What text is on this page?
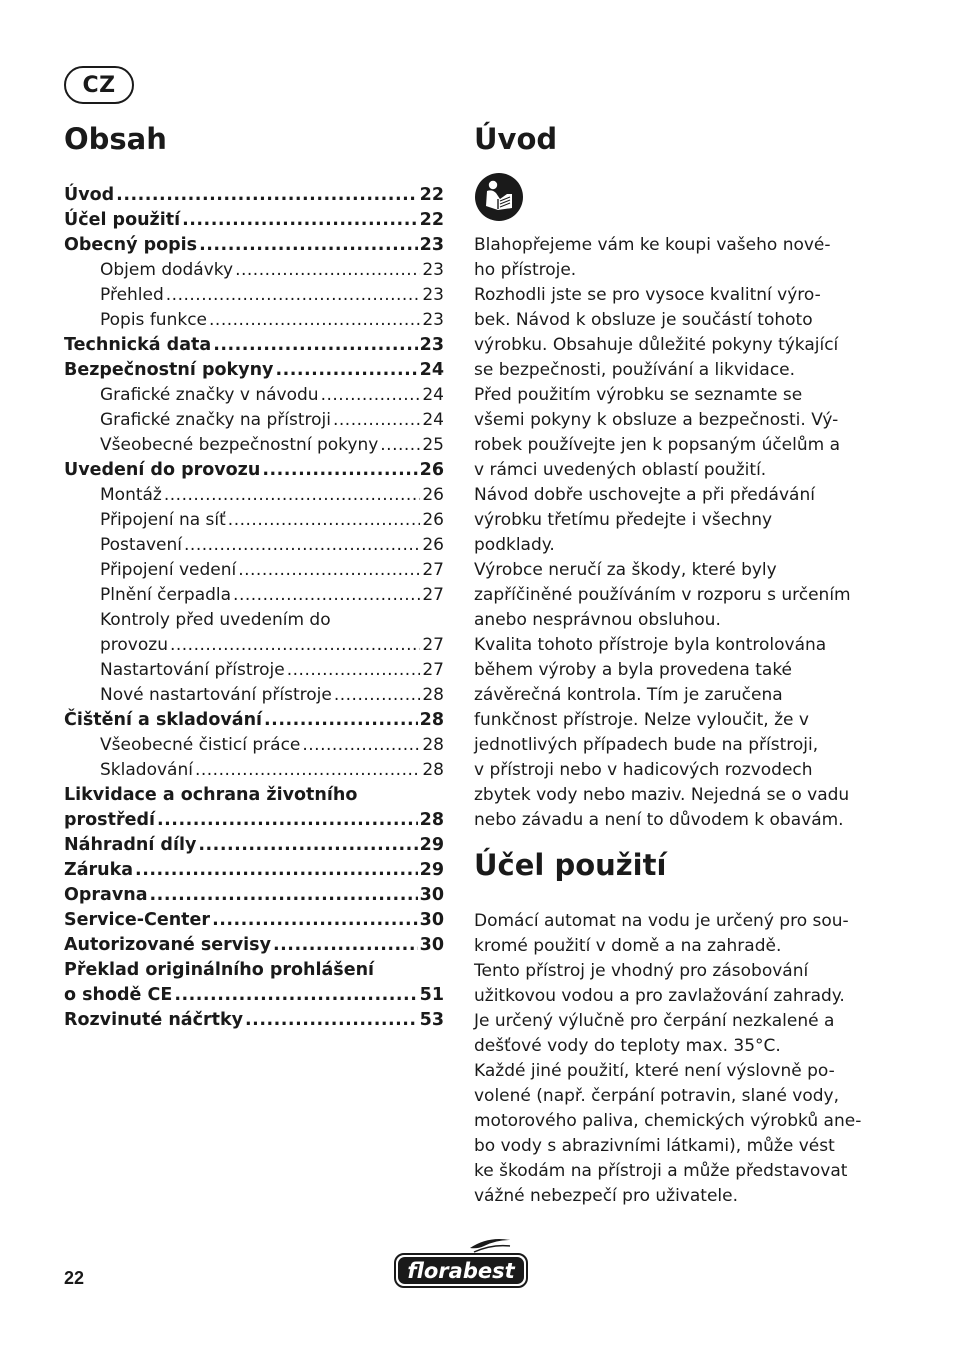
CZ
Obsah
Úvod .....	22
Účel použití .....	22
Obecný popis .....	23
Objem dodávky .....	23
Přehled .....	23
Popis funkce .....	23
Technická data .....	23
Bezpečnostní pokyny .....	24
Grafické značky v návodu .....	24
Grafické značky na přístroji .....	24
Všeobecné bezpečnostní pokyny .....	25
Uvedení do provozu .....	26
Montáž .....	26
Připojení na síť .....	26
Postavení .....	26
Připojení vedení .....	27
Plnění čerpadla .....	27
Kontroly před uvedením do
provozu .....	27
Nastartování přístroje .....	27
Nové nastartování přístroje .....	28
Čištění a skladování .....	28
Všeobecné čisticí práce .....	28
Skladování .....	28
Likvidace a ochrana životního
prostředí .....	28
Náhradní díly .....	29
Záruka .....	29
Opravna .....	30
Service-Center .....	30
Autorizované servisy .....	30
Překlad originálního prohlášení
o shodě CE .....	51
Rozvinuté náčrtky .....	53
Úvod

Blahopřejeme vám ke koupi vašeho nové-

ho přístroje.

Rozhodli jste se pro vysoce kvalitní výro-

bek. Návod k obsluze je součástí tohoto

výrobku. Obsahuje důležité pokyny týkající

se bezpečnosti, používání a likvidace.

Před použitím výrobku se seznamte se

všemi pokyny k obsluze a bezpečnosti. Vý-

robek používejte jen k popsaným účelům a

v rámci uvedených oblastí použití.

Návod dobře uschovejte a při předávání

výrobku třetímu předejte i všechny

podklady.

Výrobce neručí za škody, které byly

zapříčiněné používáním v rozporu s určením

anebo nesprávnou obsluhou.

Kvalita tohoto přístroje byla kontrolována

během výroby a byla provedena také

závěrečná kontrola. Tím je zaručena

funkčnost přístroje. Nelze vyloučit, že v

jednotlivých případech bude na přístroji,

v přístroji nebo v hadicových rozvodech

zbytek vody nebo maziv. Nejedná se o vadu

nebo závadu a není to důvodem k obavám.

Účel použití

Domácí automat na vodu je určený pro sou-

kromé použití v domě a na zahradě.

Tento přístroj je vhodný pro zásobování

užitkovou vodou a pro zavlažování zahrady.

Je určený výlučně pro čerpání nezkalené a

dešťové vody do teploty max. 35°C.

Každé jiné použití, které není výslovně po-

volené (např. čerpání potravin, slané vody,

motorového paliva, chemických výrobků ane-

bo vody s abrazivními látkami), může vést

ke škodám na přístroji a může představovat

vážné nebezpečí pro uživatele.

22	florabest
